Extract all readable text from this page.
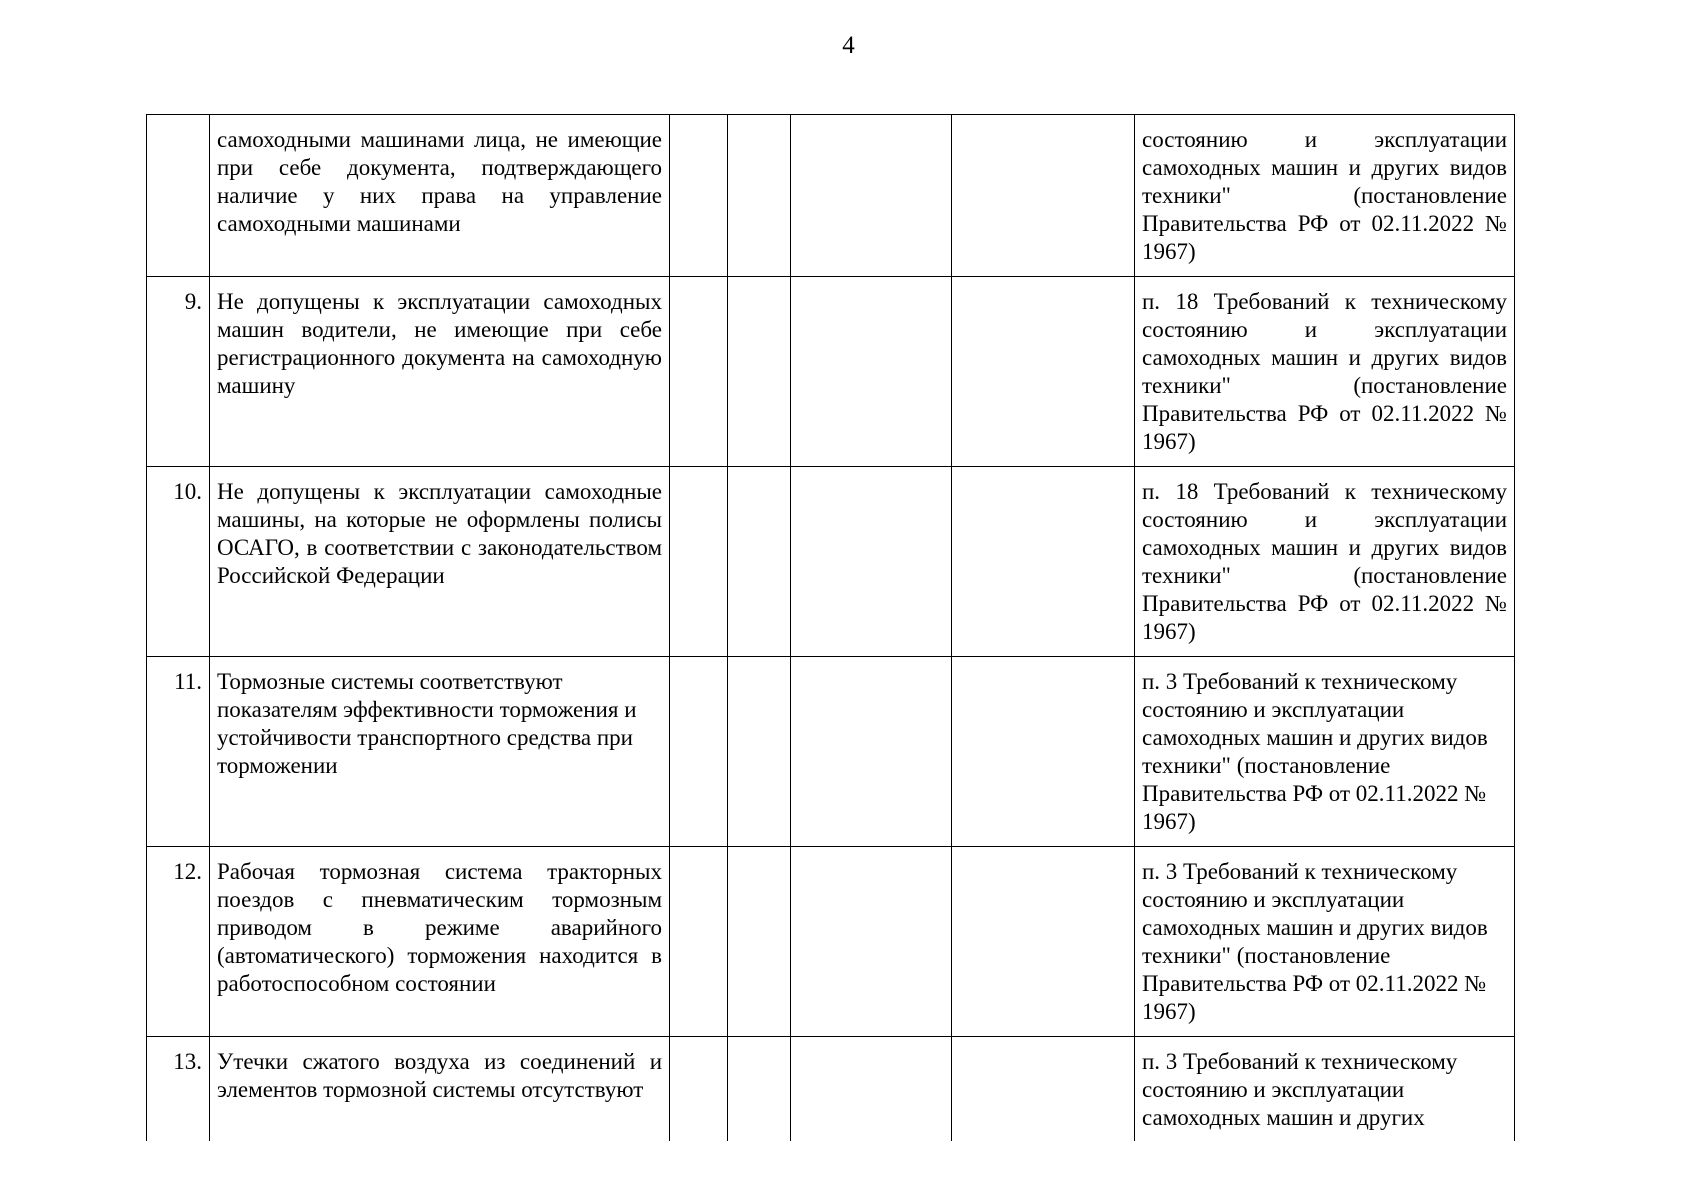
4
	самоходными машинами лица, не имеющие при себе документа, подтверждающего наличие у них права на управление самоходными машинами					состоянию и эксплуатации самоходных машин и других видов техники" (постановление Правительства РФ от 02.11.2022 № 1967)
9.	Не допущены к эксплуатации самоходных машин водители, не имеющие при себе регистрационного документа на самоходную машину					п. 18 Требований к техническому состоянию и эксплуатации самоходных машин и других видов техники" (постановление Правительства РФ от 02.11.2022 № 1967)
10.	Не допущены к эксплуатации самоходные машины, на которые не оформлены полисы ОСАГО, в соответствии с законодательством Российской Федерации					п. 18 Требований к техническому состоянию и эксплуатации самоходных машин и других видов техники" (постановление Правительства РФ от 02.11.2022 № 1967)
11.	Тормозные системы соответствуют показателям эффективности торможения и устойчивости транспортного средства при торможении					п. 3 Требований к техническому состоянию и эксплуатации самоходных машин и других видов техники" (постановление Правительства РФ от 02.11.2022 № 1967)
12.	Рабочая тормозная система тракторных поездов с пневматическим тормозным приводом в режиме аварийного (автоматического) торможения находится в работоспособном состоянии					п. 3 Требований к техническому состоянию и эксплуатации самоходных машин и других видов техники" (постановление Правительства РФ от 02.11.2022 № 1967)
13.	Утечки сжатого воздуха из соединений и элементов тормозной системы отсутствуют					п. 3 Требований к техническому состоянию и эксплуатации самоходных машин и других
